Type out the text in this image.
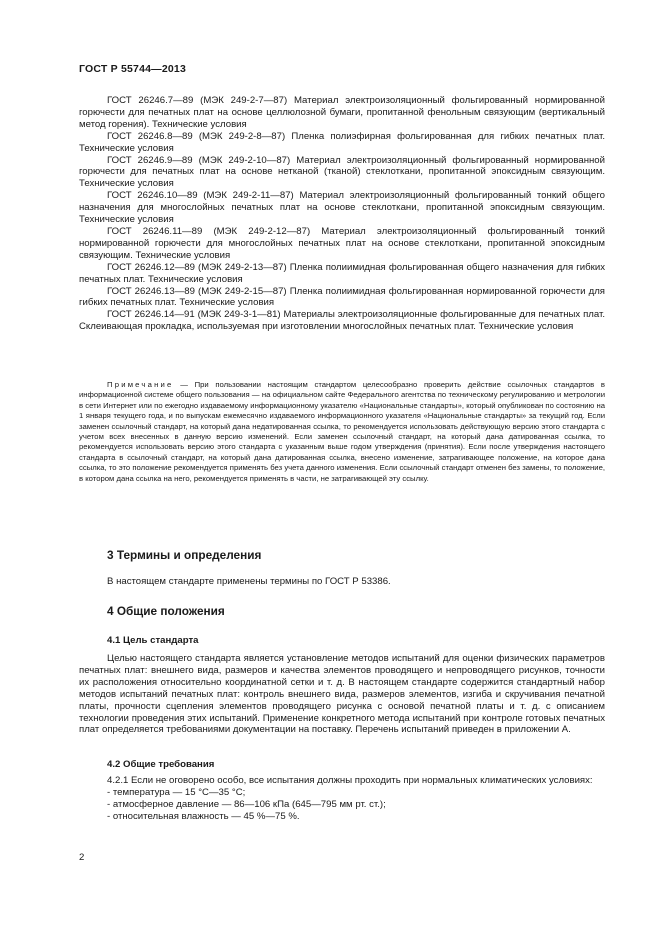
ГОСТ Р 55744—2013

ГОСТ 26246.7—89 (МЭК 249-2-7—87) Материал электроизоляционный фольгированный нормированной горючести для печатных плат на основе целлюлозной бумаги, пропитанной фенольным связующим (вертикальный метод горения). Технические условия

ГОСТ 26246.8—89 (МЭК 249-2-8—87) Пленка полиэфирная фольгированная для гибких печатных плат. Технические условия

ГОСТ 26246.9—89 (МЭК 249-2-10—87) Материал электроизоляционный фольгированный нормированной горючести для печатных плат на основе нетканой (тканой) стеклоткани, пропитанной эпоксидным связующим. Технические условия

ГОСТ 26246.10—89 (МЭК 249-2-11—87) Материал электроизоляционный фольгированный тонкий общего назначения для многослойных печатных плат на основе стеклоткани, пропитанной эпоксидным связующим. Технические условия

ГОСТ 26246.11—89 (МЭК 249-2-12—87) Материал электроизоляционный фольгированный тонкий нормированной горючести для многослойных печатных плат на основе стеклоткани, пропитанной эпоксидным связующим. Технические условия

ГОСТ 26246.12—89 (МЭК 249-2-13—87) Пленка полиимидная фольгированная общего назначения для гибких печатных плат. Технические условия

ГОСТ 26246.13—89 (МЭК 249-2-15—87) Пленка полиимидная фольгированная нормированной горючести для гибких печатных плат. Технические условия

ГОСТ 26246.14—91 (МЭК 249-3-1—81) Материалы электроизоляционные фольгированные для печатных плат. Склеивающая прокладка, используемая при изготовлении многослойных печатных плат. Технические условия

Примечание — При пользовании настоящим стандартом целесообразно проверить действие ссылочных стандартов в информационной системе общего пользования — на официальном сайте Федерального агентства по техническому регулированию и метрологии в сети Интернет или по ежегодно издаваемому информационному указателю «Национальные стандарты», который опубликован по состоянию на 1 января текущего года, и по выпускам ежемесячно издаваемого информационного указателя «Национальные стандарты» за текущий год. Если заменен ссылочный стандарт, на который дана недатированная ссылка, то рекомендуется использовать действующую версию этого стандарта с учетом всех внесенных в данную версию изменений. Если заменен ссылочный стандарт, на который дана датированная ссылка, то рекомендуется использовать версию этого стандарта с указанным выше годом утверждения (принятия). Если после утверждения настоящего стандарта в ссылочный стандарт, на который дана датированная ссылка, внесено изменение, затрагивающее положение, на которое дана ссылка, то это положение рекомендуется применять без учета данного изменения. Если ссылочный стандарт отменен без замены, то положение, в котором дана ссылка на него, рекомендуется применять в части, не затрагивающей эту ссылку.

3 Термины и определения

В настоящем стандарте применены термины по ГОСТ Р 53386.

4 Общие положения
4.1 Цель стандарта

Целью настоящего стандарта является установление методов испытаний для оценки физических параметров печатных плат: внешнего вида, размеров и качества элементов проводящего и непроводящего рисунков, точности их расположения относительно координатной сетки и т. д. В настоящем стандарте содержится стандартный набор методов испытаний печатных плат: контроль внешнего вида, размеров элементов, изгиба и скручивания печатной платы, прочности сцепления элементов проводящего рисунка с основой печатной платы и т. д. с описанием технологии проведения этих испытаний. Применение конкретного метода испытаний при контроле готовых печатных плат определяется требованиями документации на поставку. Перечень испытаний приведен в приложении А.

4.2 Общие требования

4.2.1 Если не оговорено особо, все испытания должны проходить при нормальных климатических условиях:

- температура — 15 °С—35 °С;
- атмосферное давление — 86—106 кПа (645—795 мм рт. ст.);
- относительная влажность — 45 %—75 %.
2
